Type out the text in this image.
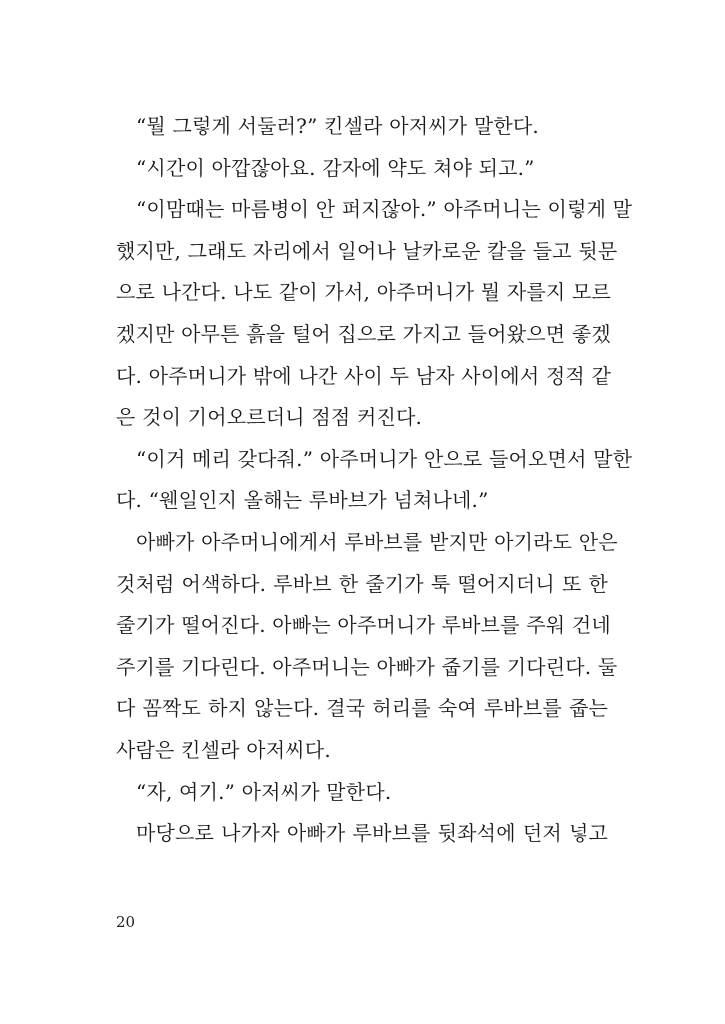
“뭘 그렇게 서둘러?” 킨셀라 아저씨가 말한다.
“시간이 아깝잖아요. 감자에 약도 쳐야 되고.”
“이맘때는 마름병이 안 퍼지잖아.” 아주머니는 이렇게 말
했지만, 그래도 자리에서 일어나 날카로운 칼을 들고 뒷문
으로 나간다. 나도 같이 가서, 아주머니가 뭘 자를지 모르
겠지만 아무튼 흙을 털어 집으로 가지고 들어왔으면 좋겠
다. 아주머니가 밖에 나간 사이 두 남자 사이에서 정적 같
은 것이 기어오르더니 점점 커진다.
“이거 메리 갖다줘.” 아주머니가 안으로 들어오면서 말한
다. “웬일인지 올해는 루바브가 넘쳐나네.”
아빠가 아주머니에게서 루바브를 받지만 아기라도 안은
것처럼 어색하다. 루바브 한 줄기가 툭 떨어지더니 또 한
줄기가 떨어진다. 아빠는 아주머니가 루바브를 주워 건네
주기를 기다린다. 아주머니는 아빠가 줍기를 기다린다. 둘
다 꼼짝도 하지 않는다. 결국 허리를 숙여 루바브를 줍는
사람은 킨셀라 아저씨다.
“자, 여기.” 아저씨가 말한다.
마당으로 나가자 아빠가 루바브를 뒷좌석에 던저 넣고
20
